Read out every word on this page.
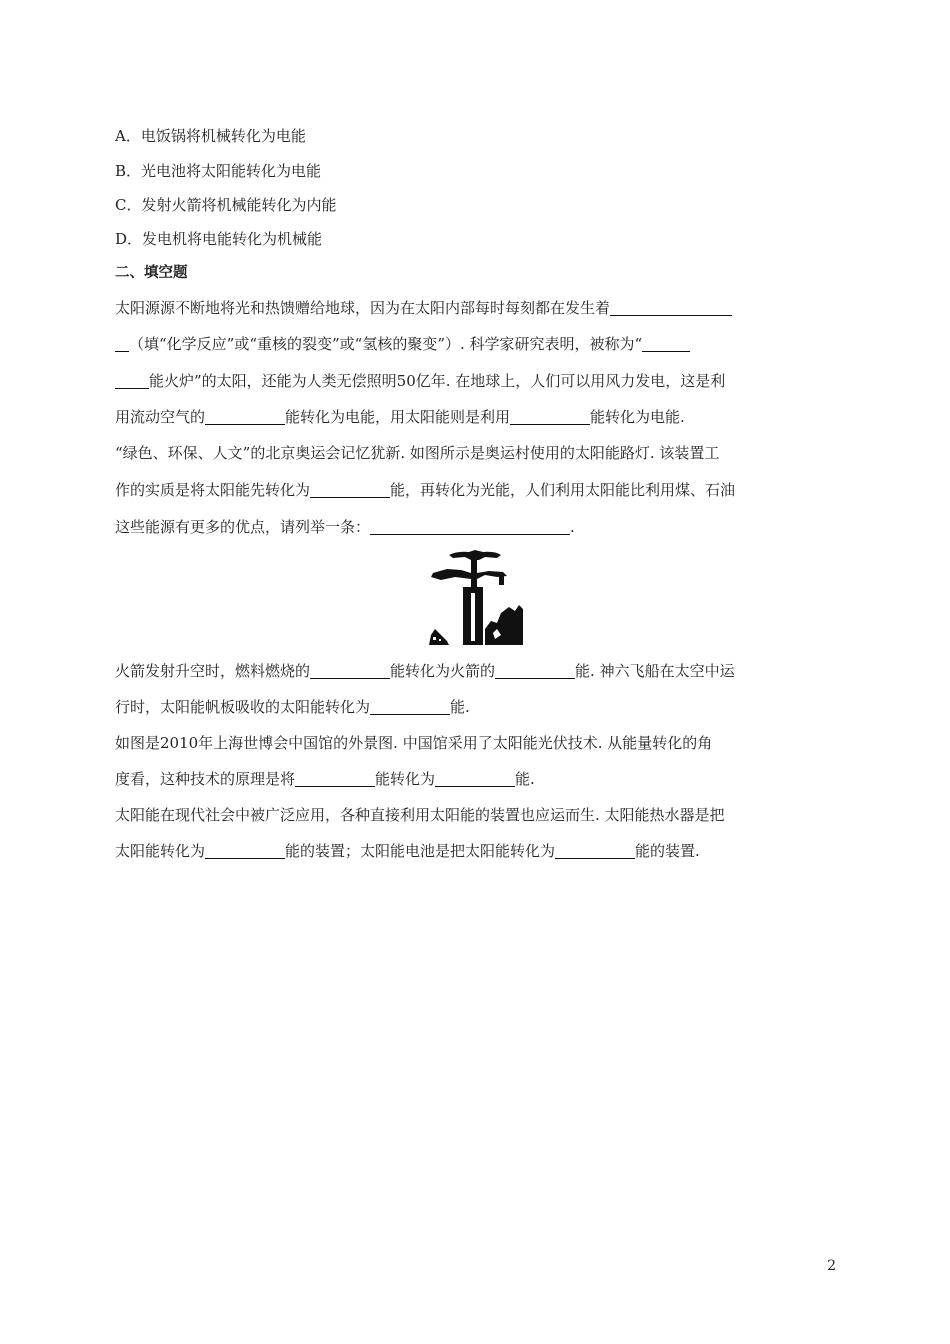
A．电饭锅将机械转化为电能
B．光电池将太阳能转化为电能
C．发射火箭将机械能转化为内能
D．发电机将电能转化为机械能
二、填空题
太阳源源不断地将光和热馈赠给地球，因为在太阳内部每时每刻都在发生着
（填“化学反应”或“重核的裂变”或“氢核的聚变”）. 科学家研究表明，被称为“
能火炉”的太阳，还能为人类无偿照明50亿年. 在地球上，人们可以用风力发电，这是利
用流动空气的	能转化为电能，用太阳能则是利用	能转化为电能.
“绿色、环保、人文”的北京奥运会记忆犹新. 如图所示是奥运村使用的太阳能路灯. 该装置工
作的实质是将太阳能先转化为	能，再转化为光能，人们利用太阳能比利用煤、石油
这些能源有更多的优点，请列举一条：	.
火箭发射升空时，燃料燃烧的	能转化为火箭的	能. 神六飞船在太空中运
行时，太阳能帆板吸收的太阳能转化为	能.
如图是2010年上海世博会中国馆的外景图. 中国馆采用了太阳能光伏技术. 从能量转化的角
度看，这种技术的原理是将	能转化为	能.
太阳能在现代社会中被广泛应用，各种直接利用太阳能的装置也应运而生. 太阳能热水器是把
太阳能转化为	能的装置；太阳能电池是把太阳能转化为	能的装置.
2
